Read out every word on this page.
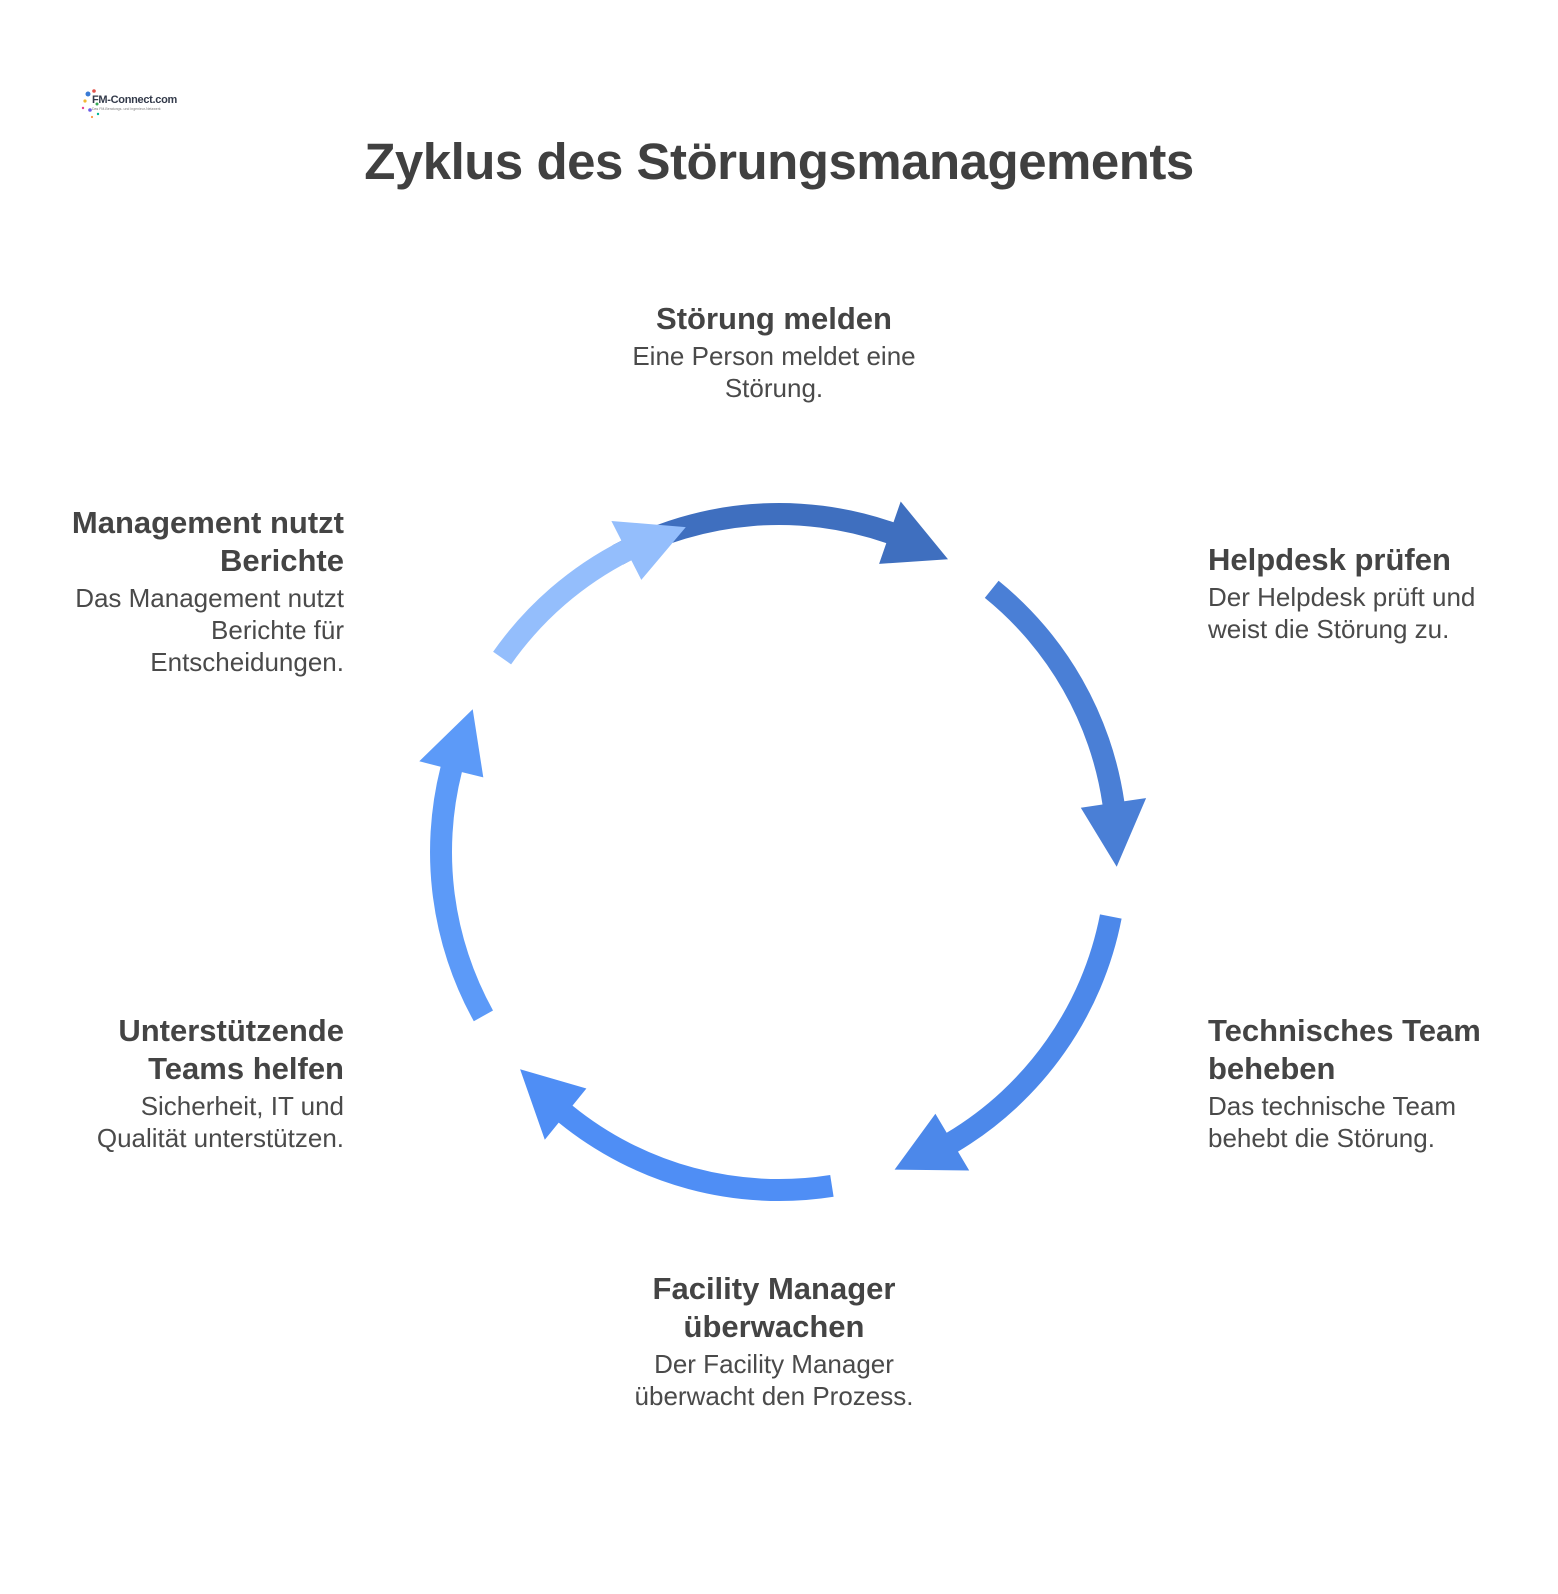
FM-Connect.com
Das FM-Beratungs- und Ingenieur-Netzwerk
Zyklus des Störungsmanagements
Störung melden
Eine Person meldet eine Störung.
Helpdesk prüfen
Der Helpdesk prüft und weist die Störung zu.
Technisches Team beheben
Das technische Team behebt die Störung.
Facility Manager überwachen
Der Facility Manager überwacht den Prozess.
Unterstützende Teams helfen
Sicherheit, IT und Qualität unterstützen.
Management nutzt Berichte
Das Management nutzt Berichte für Entscheidungen.
